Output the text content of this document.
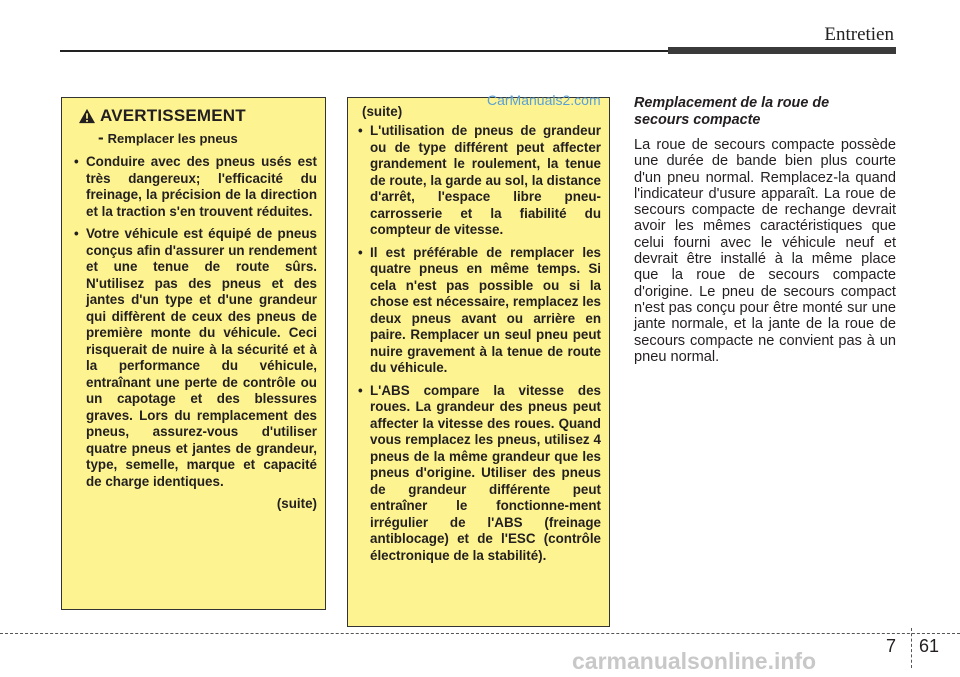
Entretien
AVERTISSEMENT
- Remplacer les pneus
• Conduire avec des pneus usés est très dangereux; l'efficacité du freinage, la précision de la direction et la traction s'en trouvent réduites.
• Votre véhicule est équipé de pneus conçus afin d'assurer un rendement et une tenue de route sûrs. N'utilisez pas des pneus et des jantes d'un type et d'une grandeur qui diffèrent de ceux des pneus de première monte du véhicule. Ceci risquerait de nuire à la sécurité et à la performance du véhicule, entraînant une perte de contrôle ou un capotage et des blessures graves. Lors du remplacement des pneus, assurez-vous d'utiliser quatre pneus et jantes de grandeur, type, semelle, marque et capacité de charge identiques.
(suite)
(suite)
• L'utilisation de pneus de grandeur ou de type différent peut affecter grandement le roulement, la tenue de route, la garde au sol, la distance d'arrêt, l'espace libre pneu-carrosserie et la fiabilité du compteur de vitesse.
• Il est préférable de remplacer les quatre pneus en même temps. Si cela n'est pas possible ou si la chose est nécessaire, remplacez les deux pneus avant ou arrière en paire. Remplacer un seul pneu peut nuire gravement à la tenue de route du véhicule.
• L'ABS compare la vitesse des roues. La grandeur des pneus peut affecter la vitesse des roues. Quand vous remplacez les pneus, utilisez 4 pneus de la même grandeur que les pneus d'origine. Utiliser des pneus de grandeur différente peut entraîner le fonctionne-ment irrégulier de l'ABS (freinage antiblocage) et de l'ESC (contrôle électronique de la stabilité).
CarManuals2.com Remplacement de la roue de
secours compacte

La roue de secours compacte possède une durée de bande bien plus courte d'un pneu normal. Remplacez-la quand l'indicateur d'usure apparaît. La roue de secours compacte de rechange devrait avoir les mêmes caractéristiques que celui fourni avec le véhicule neuf et devrait être installé à la même place que la roue de secours compacte d'origine. Le pneu de secours compact n'est pas conçu pour être monté sur une jante normale, et la jante de la roue de secours compacte ne convient pas à un pneu normal.

7 61
carmanualsonline.info
